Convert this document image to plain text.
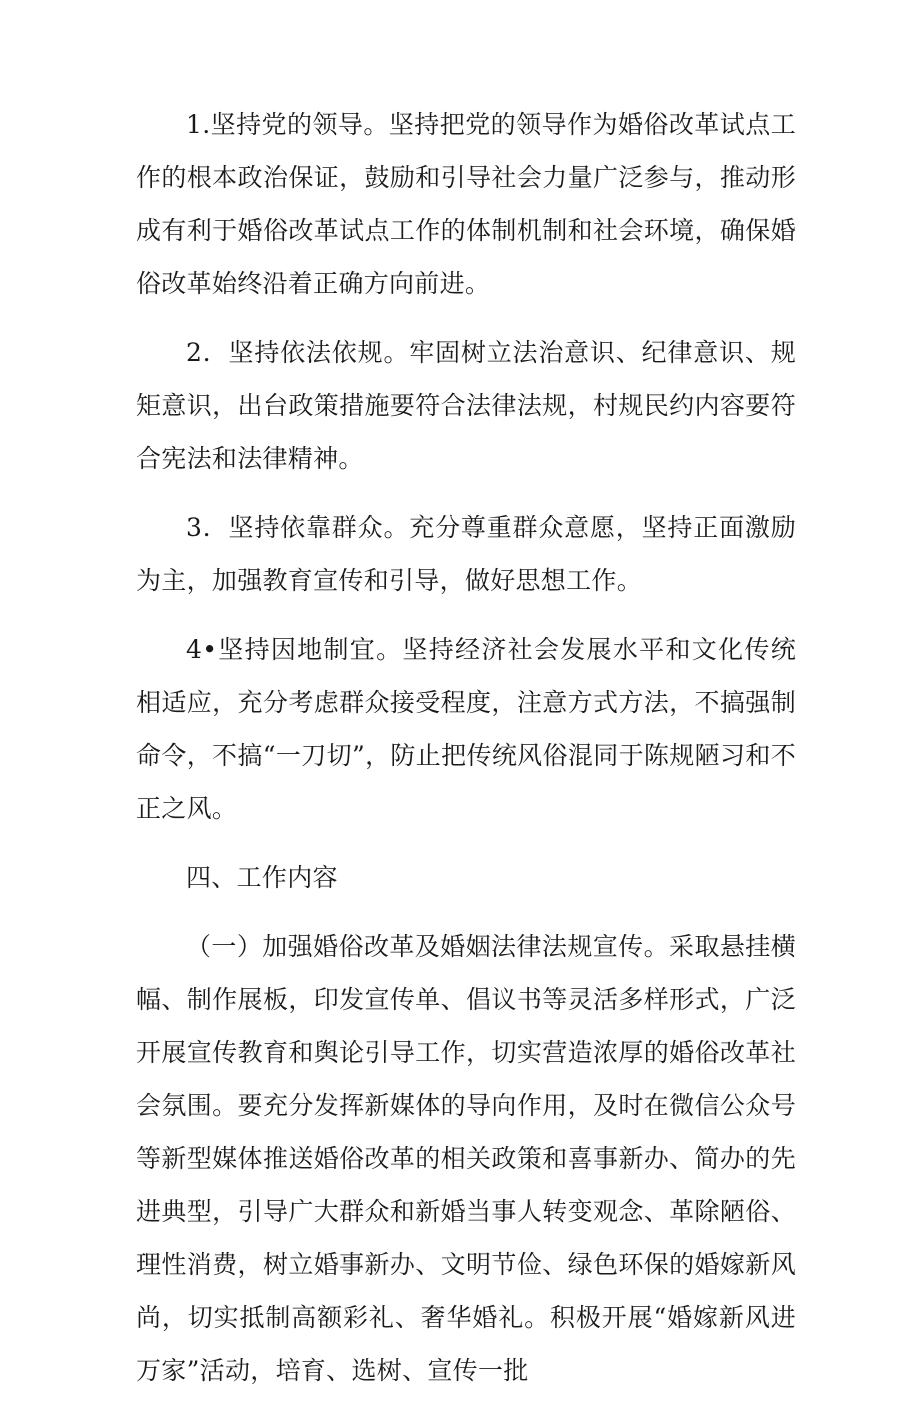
1.坚持党的领导。坚持把党的领导作为婚俗改革试点工作的根本政治保证，鼓励和引导社会力量广泛参与，推动形成有利于婚俗改革试点工作的体制机制和社会环境，确保婚俗改革始终沿着正确方向前进。

2．坚持依法依规。牢固树立法治意识、纪律意识、规矩意识，出台政策措施要符合法律法规，村规民约内容要符合宪法和法律精神。

3．坚持依靠群众。充分尊重群众意愿，坚持正面激励为主，加强教育宣传和引导，做好思想工作。

4•坚持因地制宜。坚持经济社会发展水平和文化传统相适应，充分考虑群众接受程度，注意方式方法，不搞强制命令，不搞“一刀切”，防止把传统风俗混同于陈规陋习和不正之风。

四、工作内容

（一）加强婚俗改革及婚姻法律法规宣传。采取悬挂横幅、制作展板，印发宣传单、倡议书等灵活多样形式，广泛开展宣传教育和舆论引导工作，切实营造浓厚的婚俗改革社会氛围。要充分发挥新媒体的导向作用，及时在微信公众号等新型媒体推送婚俗改革的相关政策和喜事新办、简办的先进典型，引导广大群众和新婚当事人转变观念、革除陋俗、理性消费，树立婚事新办、文明节俭、绿色环保的婚嫁新风尚，切实抵制高额彩礼、奢华婚礼。积极开展“婚嫁新风进万家”活动，培育、选树、宣传一批
